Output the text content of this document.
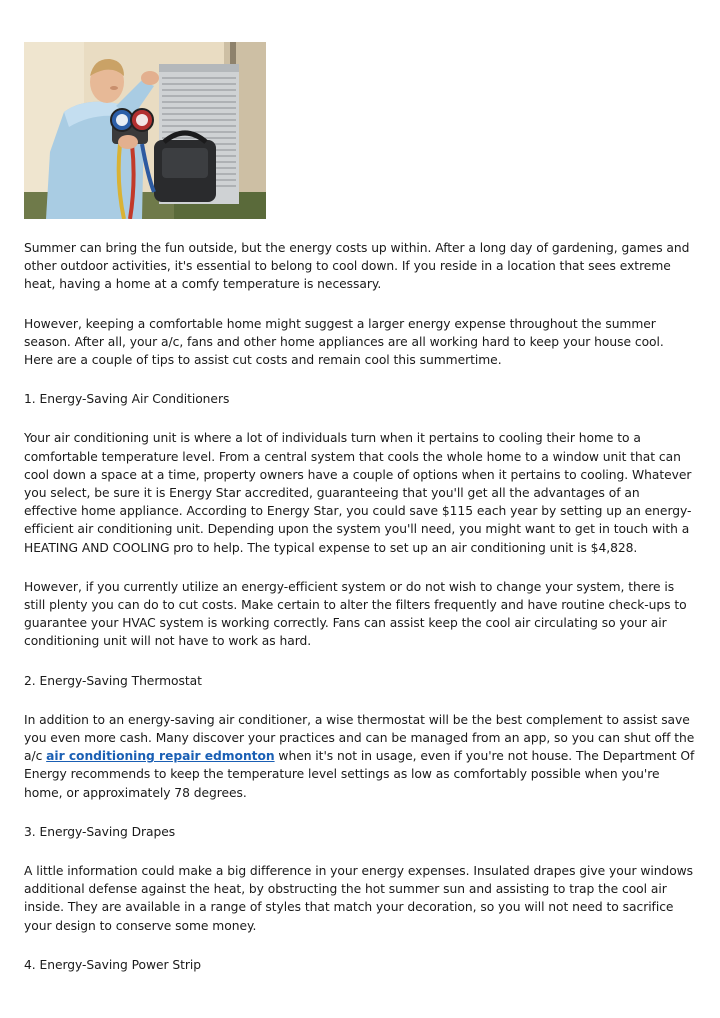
Summer can bring the fun outside, but the energy costs up within. After a long day of gardening, games and other outdoor activities, it's essential to belong to cool down. If you reside in a location that sees extreme heat, having a home at a comfy temperature is necessary.

However, keeping a comfortable home might suggest a larger energy expense throughout the summer season. After all, your a/c, fans and other home appliances are all working hard to keep your house cool. Here are a couple of tips to assist cut costs and remain cool this summertime.

1. Energy-Saving Air Conditioners

Your air conditioning unit is where a lot of individuals turn when it pertains to cooling their home to a comfortable temperature level. From a central system that cools the whole home to a window unit that can cool down a space at a time, property owners have a couple of options when it pertains to cooling. Whatever you select, be sure it is Energy Star accredited, guaranteeing that you'll get all the advantages of an effective home appliance. According to Energy Star, you could save $115 each year by setting up an energy-efficient air conditioning unit. Depending upon the system you'll need, you might want to get in touch with a HEATING AND COOLING pro to help. The typical expense to set up an air conditioning unit is $4,828.

However, if you currently utilize an energy-efficient system or do not wish to change your system, there is still plenty you can do to cut costs. Make certain to alter the filters frequently and have routine check-ups to guarantee your HVAC system is working correctly. Fans can assist keep the cool air circulating so your air conditioning unit will not have to work as hard.

2. Energy-Saving Thermostat

In addition to an energy-saving air conditioner, a wise thermostat will be the best complement to assist save you even more cash. Many discover your practices and can be managed from an app, so you can shut off the a/c air conditioning repair edmonton when it's not in usage, even if you're not house. The Department Of Energy recommends to keep the temperature level settings as low as comfortably possible when you're home, or approximately 78 degrees.

3. Energy-Saving Drapes

A little information could make a big difference in your energy expenses. Insulated drapes give your windows additional defense against the heat, by obstructing the hot summer sun and assisting to trap the cool air inside. They are available in a range of styles that match your decoration, so you will not need to sacrifice your design to conserve some money.

4. Energy-Saving Power Strip
